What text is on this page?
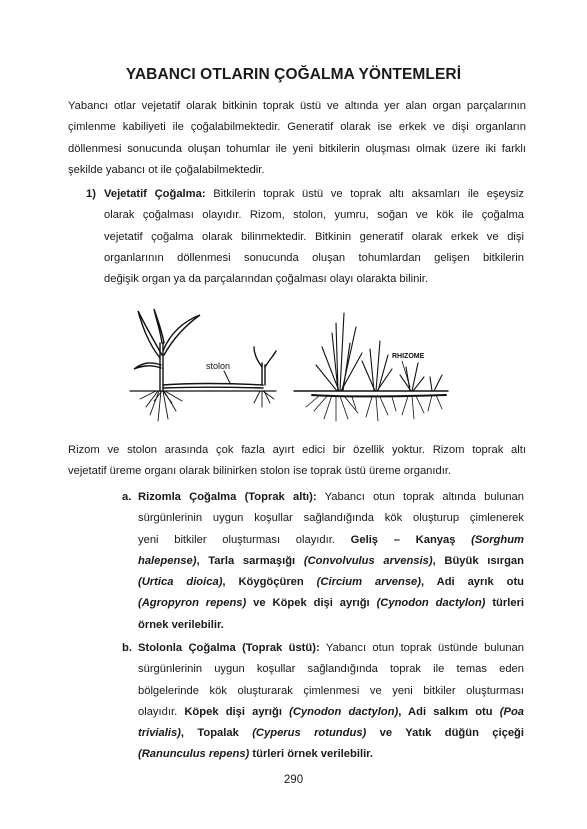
YABANCI OTLARIN ÇOĞALMA YÖNTEMLERİ

Yabancı otlar vejetatif olarak bitkinin toprak üstü ve altında yer alan organ parçalarının
çimlenme kabiliyeti ile çoğalabilmektedir. Generatif olarak ise erkek ve dişi organların
döllenmesi sonucunda oluşan tohumlar ile yeni bitkilerin oluşması olmak üzere iki farklı
şekilde yabancı ot ile çoğalabilmektedir.

1) Vejetatif Çoğalma: Bitkilerin toprak üstü ve toprak altı aksamları ile eşeysiz
olarak çoğalması olayıdır. Rizom, stolon, yumru, soğan ve kök ile çoğalma
vejetatif çoğalma olarak bilinmektedir. Bitkinin generatif olarak erkek ve dişi
organlarının döllenmesi sonucunda oluşan tohumlardan gelişen bitkilerin
değişik organ ya da parçalarından çoğalması olayı olarakta bilinir.

stolon
RHIZOME

Rizom ve stolon arasında çok fazla ayırt edici bir özellik yoktur. Rizom toprak altı
vejetatif üreme organı olarak bilinirken stolon ise toprak üstü üreme organıdır.

a. Rizomla Çoğalma (Toprak altı): Yabancı otun toprak altında bulunan
sürgünlerinin uygun koşullar sağlandığında kök oluşturup çimlenerek
yeni bitkiler oluşturması olayıdır. Geliş – Kanyaş (Sorghum
halepense), Tarla sarmaşığı (Convolvulus arvensis), Büyük ısırgan
(Urtica dioica), Köygöçüren (Circium arvense), Adi ayrık otu
(Agropyron repens) ve Köpek dişi ayrığı (Cynodon dactylon) türleri
örnek verilebilir.

b. Stolonla Çoğalma (Toprak üstü): Yabancı otun toprak üstünde bulunan
sürgünlerinin uygun koşullar sağlandığında toprak ile temas eden
bölgelerinde kök oluşturarak çimlenmesi ve yeni bitkiler oluşturması
olayıdır. Köpek dişi ayrığı (Cynodon dactylon), Adi salkım otu (Poa
trivialis), Topalak (Cyperus rotundus) ve Yatık düğün çiçeği
(Ranunculus repens) türleri örnek verilebilir.

290
